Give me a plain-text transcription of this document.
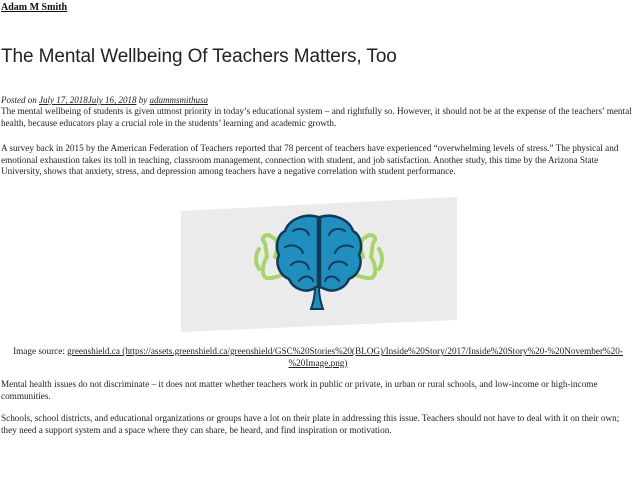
Adam M Smith
The Mental Wellbeing Of Teachers Matters, Too
Posted on July 17, 2018July 16, 2018 by adammsmithusa

The mental wellbeing of students is given utmost priority in today’s educational system – and rightfully so. However, it should not be at the expense of the teachers’ mental health, because educators play a crucial role in the students’ learning and academic growth.

A survey back in 2015 by the American Federation of Teachers reported that 78 percent of teachers have experienced “overwhelming levels of stress.” The physical and emotional exhaustion takes its toll in teaching, classroom management, connection with student, and job satisfaction. Another study, this time by the Arizona State University, shows that anxiety, stress, and depression among teachers have a negative correlation with student performance.

Image source: greenshield.ca (https://assets.greenshield.ca/greenshield/GSC%20Stories%20(BLOG)/Inside%20Story/2017/Inside%20Story%20-%20November%20-%20Image.png)

Mental health issues do not discriminate – it does not matter whether teachers work in public or private, in urban or rural schools, and low-income or high-income communities.

Schools, school districts, and educational organizations or groups have a lot on their plate in addressing this issue. Teachers should not have to deal with it on their own; they need a support system and a space where they can share, be heard, and find inspiration or motivation.
